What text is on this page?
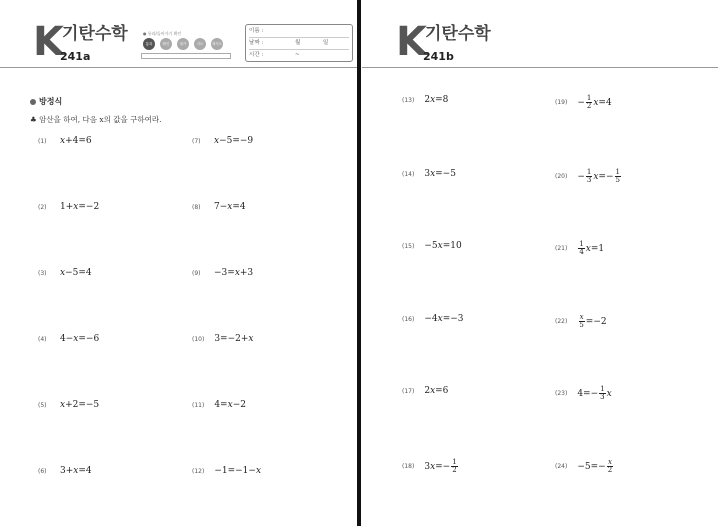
K 기탄수학
241a
● 통과/돌아가기 확인
통과	확인	평가	지도	재지도
이름 :
날짜 :	월	일
시간 :	~
방정식
♣ 암산을 하여, 다음 x의 값을 구하여라.
(1)	x +4=6
(2)	1+ x =−2
(3)	x −5=4
(4)	4− x =−6
(5)	x +2=−5
(6)	3+ x =4
(7)	x −5=−9
(8)	7− x =4
(9)	−3= x +3
(10) 3=−2+ x
(11) 4= x −2
(12) −1=−1− x
K 기탄수학
241b
(13) 2 x =8
(14) 3 x =−5
(15) −5 x =10
(16) −4 x =−3
(17) 2 x =6
(18) 3 $x =- \frac{1}{2}$
$(19) - \frac{1}{2}$ x =4
$(20) - \frac{1}{3}$ $x =- \frac{1}{5}$
$(21) \frac{1}{4}$ x =1
$(22) \frac{x}{5} =-2$
(23) $4=- \frac{1}{3}$ x
$(24) -5=- \frac{x}{2}$
